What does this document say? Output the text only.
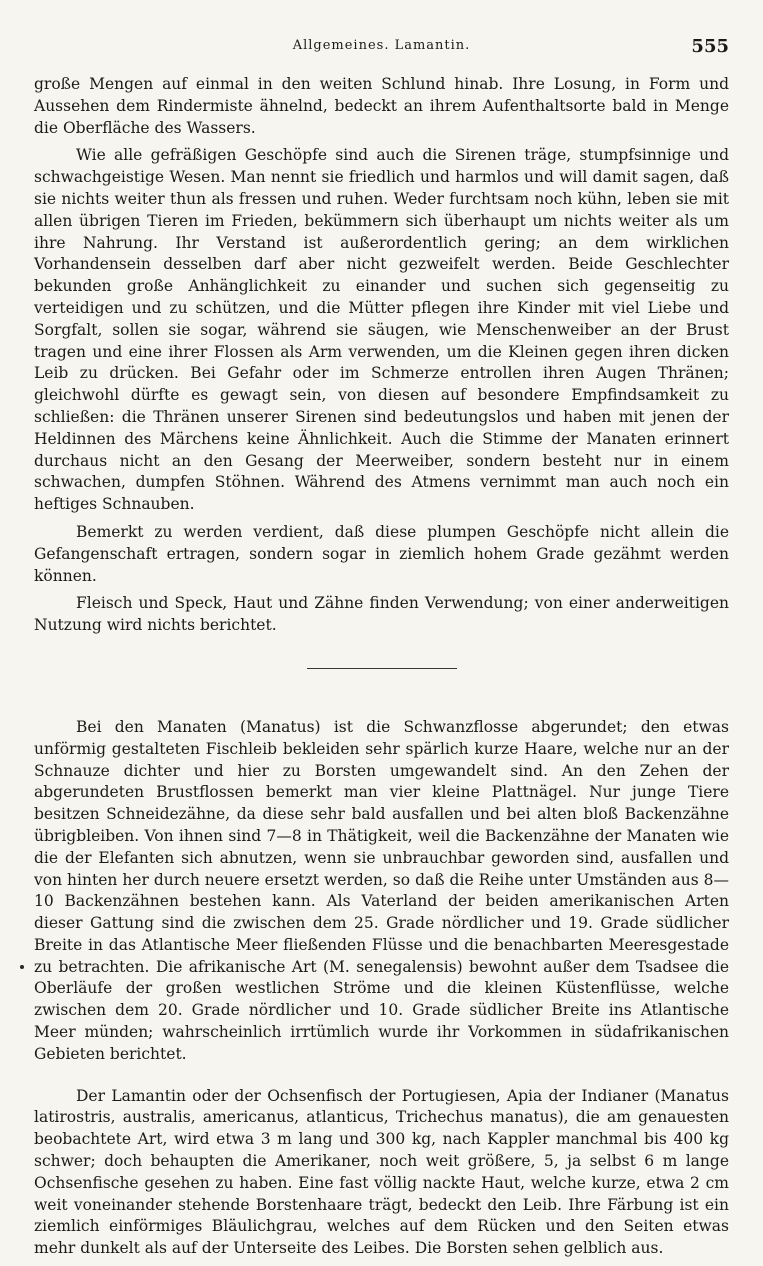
Allgemeines. Lamantin.	555

große Mengen auf einmal in den weiten Schlund hinab. Ihre Losung, in Form und Aussehen dem Rindermiste ähnelnd, bedeckt an ihrem Aufenthaltsorte bald in Menge die Oberfläche des Wassers.

Wie alle gefräßigen Geschöpfe sind auch die Sirenen träge, stumpfsinnige und schwachgeistige Wesen. Man nennt sie friedlich und harmlos und will damit sagen, daß sie nichts weiter thun als fressen und ruhen. Weder furchtsam noch kühn, leben sie mit allen übrigen Tieren im Frieden, bekümmern sich überhaupt um nichts weiter als um ihre Nahrung. Ihr Verstand ist außerordentlich gering; an dem wirklichen Vorhandensein desselben darf aber nicht gezweifelt werden. Beide Geschlechter bekunden große Anhänglichkeit zu einander und suchen sich gegenseitig zu verteidigen und zu schützen, und die Mütter pflegen ihre Kinder mit viel Liebe und Sorgfalt, sollen sie sogar, während sie säugen, wie Menschenweiber an der Brust tragen und eine ihrer Flossen als Arm verwenden, um die Kleinen gegen ihren dicken Leib zu drücken. Bei Gefahr oder im Schmerze entrollen ihren Augen Thränen; gleichwohl dürfte es gewagt sein, von diesen auf besondere Empfindsamkeit zu schließen: die Thränen unserer Sirenen sind bedeutungslos und haben mit jenen der Heldinnen des Märchens keine Ähnlichkeit. Auch die Stimme der Manaten erinnert durchaus nicht an den Gesang der Meerweiber, sondern besteht nur in einem schwachen, dumpfen Stöhnen. Während des Atmens vernimmt man auch noch ein heftiges Schnauben.

Bemerkt zu werden verdient, daß diese plumpen Geschöpfe nicht allein die Gefangenschaft ertragen, sondern sogar in ziemlich hohem Grade gezähmt werden können.

Fleisch und Speck, Haut und Zähne finden Verwendung; von einer anderweitigen Nutzung wird nichts berichtet.

Bei den Manaten (Manatus) ist die Schwanzflosse abgerundet; den etwas unförmig gestalteten Fischleib bekleiden sehr spärlich kurze Haare, welche nur an der Schnauze dichter und hier zu Borsten umgewandelt sind. An den Zehen der abgerundeten Brustflossen bemerkt man vier kleine Plattnägel. Nur junge Tiere besitzen Schneidezähne, da diese sehr bald ausfallen und bei alten bloß Backenzähne übrigbleiben. Von ihnen sind 7—8 in Thätigkeit, weil die Backenzähne der Manaten wie die der Elefanten sich abnutzen, wenn sie unbrauchbar geworden sind, ausfallen und von hinten her durch neuere ersetzt werden, so daß die Reihe unter Umständen aus 8—10 Backenzähnen bestehen kann. Als Vaterland der beiden amerikanischen Arten dieser Gattung sind die zwischen dem 25. Grade nördlicher und 19. Grade südlicher Breite in das Atlantische Meer fließenden Flüsse und die benachbarten Meeresgestade zu betrachten. Die afrikanische Art (M. senegalensis) bewohnt außer dem Tsadsee die Oberläufe der großen westlichen Ströme und die kleinen Küstenflüsse, welche zwischen dem 20. Grade nördlicher und 10. Grade südlicher Breite ins Atlantische Meer münden; wahrscheinlich irrtümlich wurde ihr Vorkommen in südafrikanischen Gebieten berichtet.

Der Lamantin oder der Ochsenfisch der Portugiesen, Apia der Indianer (Manatus latirostris, australis, americanus, atlanticus, Trichechus manatus), die am genauesten beobachtete Art, wird etwa 3 m lang und 300 kg, nach Kappler manchmal bis 400 kg schwer; doch behaupten die Amerikaner, noch weit größere, 5, ja selbst 6 m lange Ochsenfische gesehen zu haben. Eine fast völlig nackte Haut, welche kurze, etwa 2 cm weit voneinander stehende Borstenhaare trägt, bedeckt den Leib. Ihre Färbung ist ein ziemlich einförmiges Bläulichgrau, welches auf dem Rücken und den Seiten etwas mehr dunkelt als auf der Unterseite des Leibes. Die Borsten sehen gelblich aus.
